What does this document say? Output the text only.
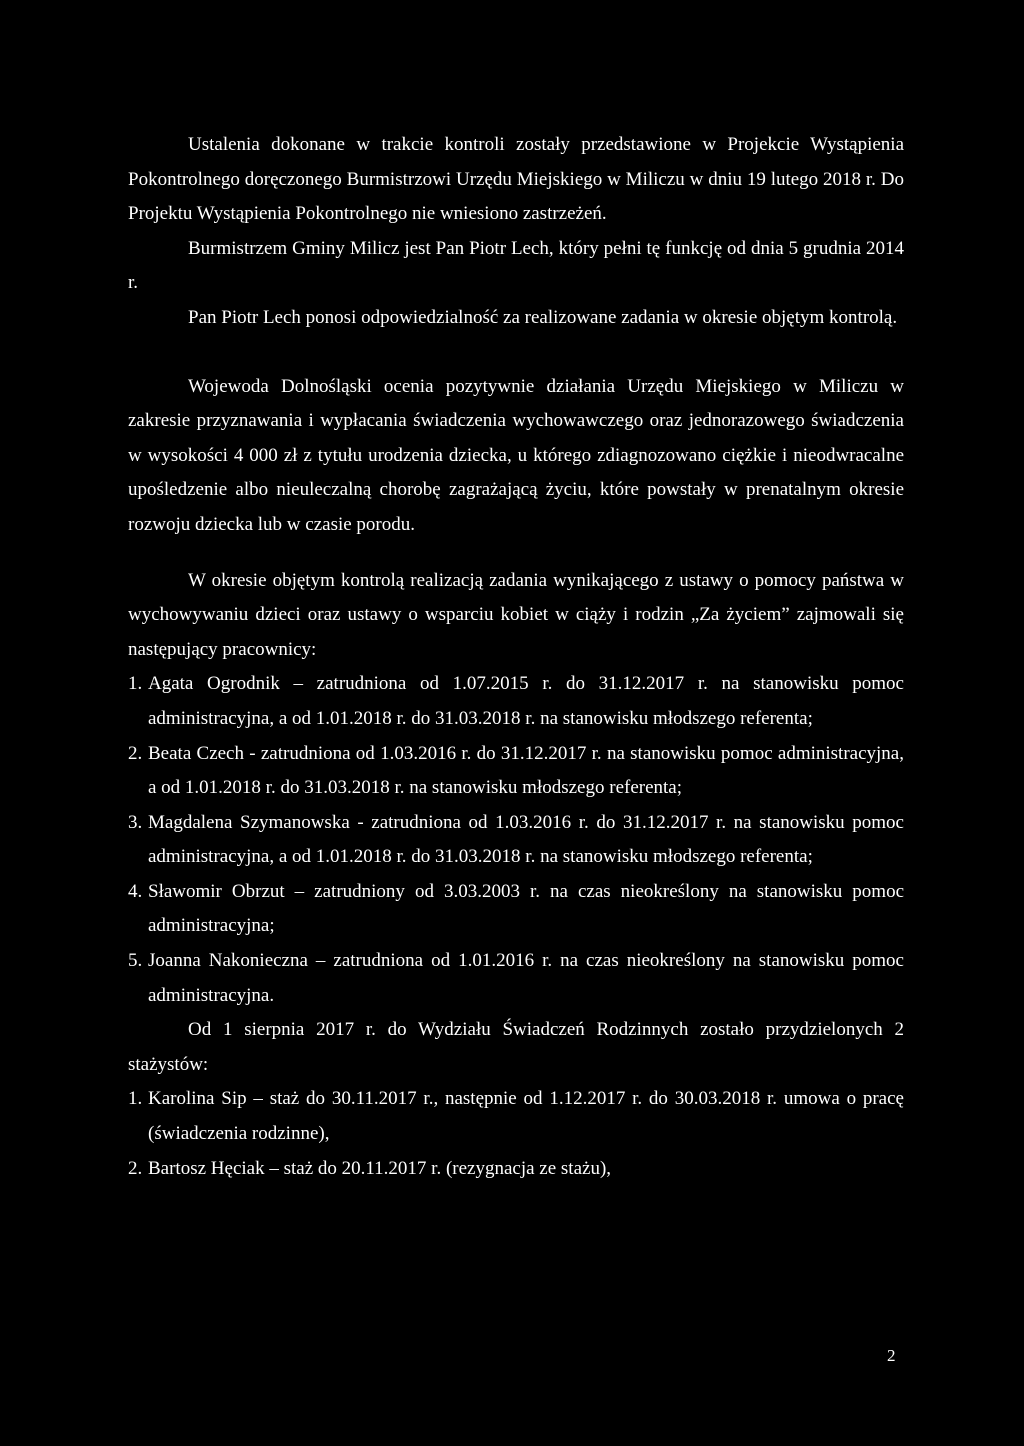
Ustalenia dokonane w trakcie kontroli zostały przedstawione w Projekcie Wystąpienia Pokontrolnego doręczonego Burmistrzowi Urzędu Miejskiego w Miliczu w dniu 19 lutego 2018 r. Do Projektu Wystąpienia Pokontrolnego nie wniesiono zastrzeżeń.

Burmistrzem Gminy Milicz jest Pan Piotr Lech, który pełni tę funkcję od dnia 5 grudnia 2014 r.

Pan Piotr Lech ponosi odpowiedzialność za realizowane zadania w okresie objętym kontrolą.

Wojewoda Dolnośląski ocenia pozytywnie działania Urzędu Miejskiego w Miliczu w zakresie przyznawania i wypłacania świadczenia wychowawczego oraz jednorazowego świadczenia w wysokości 4 000 zł z tytułu urodzenia dziecka, u którego zdiagnozowano ciężkie i nieodwracalne upośledzenie albo nieuleczalną chorobę zagrażającą życiu, które powstały w prenatalnym okresie rozwoju dziecka lub w czasie porodu.

W okresie objętym kontrolą realizacją zadania wynikającego z ustawy o pomocy państwa w wychowywaniu dzieci oraz ustawy o wsparciu kobiet w ciąży i rodzin „Za życiem” zajmowali się następujący pracownicy:

1. Agata Ogrodnik – zatrudniona od 1.07.2015 r. do 31.12.2017 r. na stanowisku pomoc administracyjna, a od 1.01.2018 r. do 31.03.2018 r. na stanowisku młodszego referenta;
2. Beata Czech - zatrudniona od 1.03.2016 r. do 31.12.2017 r. na stanowisku pomoc administracyjna, a od 1.01.2018 r. do 31.03.2018 r. na stanowisku młodszego referenta;
3. Magdalena Szymanowska - zatrudniona od 1.03.2016 r. do 31.12.2017 r. na stanowisku pomoc administracyjna, a od 1.01.2018 r. do 31.03.2018 r. na stanowisku młodszego referenta;
4. Sławomir Obrzut – zatrudniony od 3.03.2003 r. na czas nieokreślony na stanowisku pomoc administracyjna;
5. Joanna Nakonieczna – zatrudniona od 1.01.2016 r. na czas nieokreślony na stanowisku pomoc administracyjna.

Od 1 sierpnia 2017 r. do Wydziału Świadczeń Rodzinnych zostało przydzielonych 2 stażystów:

1. Karolina Sip – staż do 30.11.2017 r., następnie od 1.12.2017 r. do 30.03.2018 r. umowa o pracę (świadczenia rodzinne),
2. Bartosz Hęciak – staż do 20.11.2017 r. (rezygnacja ze stażu),
2
